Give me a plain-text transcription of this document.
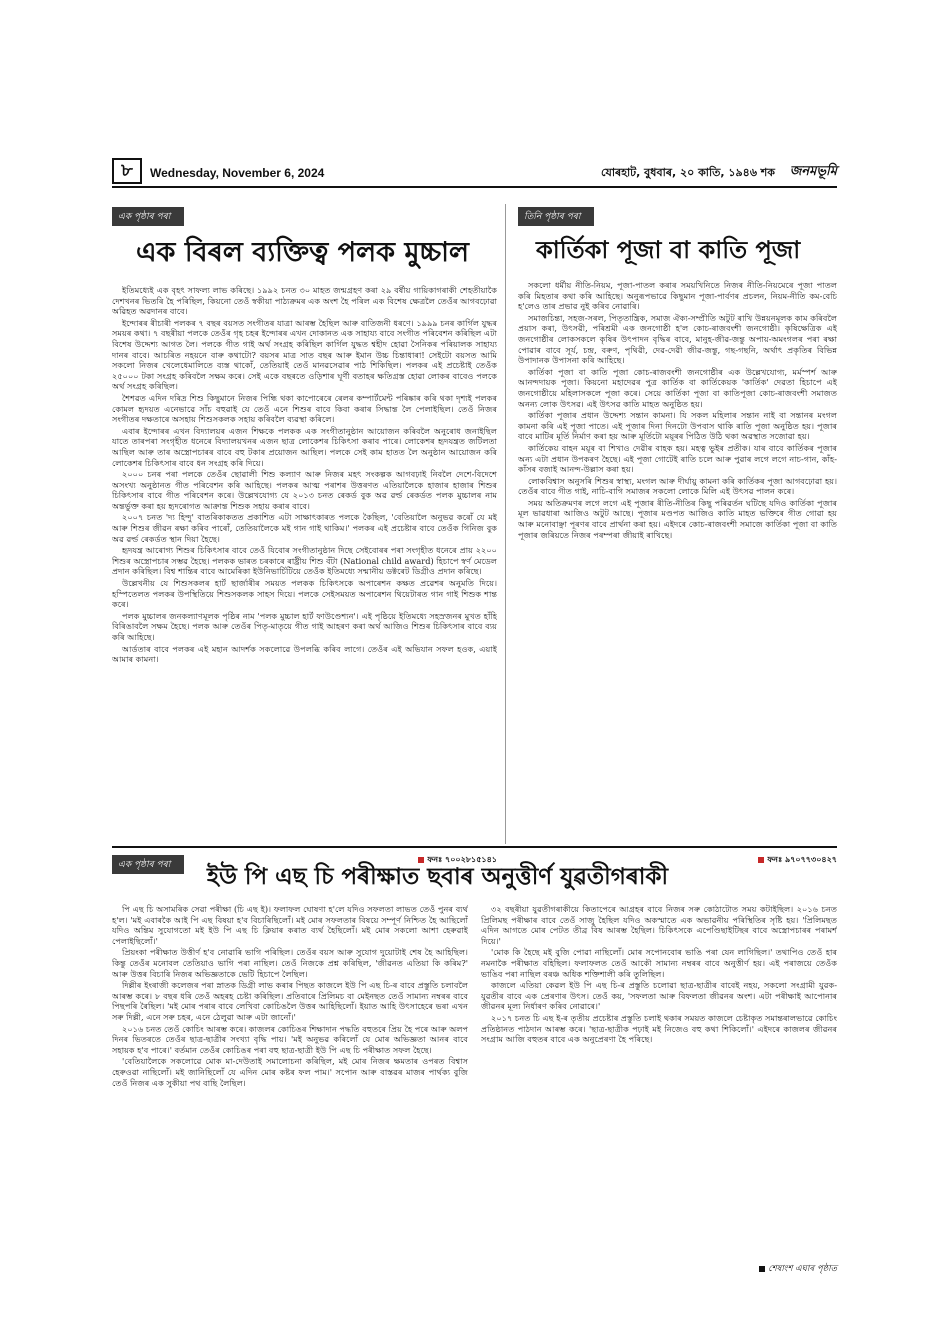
৮	Wednesday, November 6, 2024	যোৰহাট, বুধবাৰ, ২০ কাতি, ১৯৪৬ শক জনমভূমি
এক পৃষ্ঠাৰ পৰা
এক বিৰল ব্যক্তিত্ব পলক মুচ্চাল

ইতিমধ্যেই এক বৃহৎ সাফল্য লাভ কৰিছে। ১৯৯২ চনত ৩০ মাহত জন্মগ্ৰহণ কৰা ২৯ বৰ্ষীয় গায়িকাগৰাকী শেহতীয়াকৈ দেশখনৰ ভিতৰি হৈ পৰিছিল, কিয়নো তেওঁ স্বকীয়া পাঠ্যক্ৰমৰ এক অংশ হৈ পৰিল এক বিশেষ ক্ষেত্ৰলৈ তেওঁৰ আগবঢ়োৱা অৱিহত অৱদানৰ বাবে।

ইন্দোৰৰ ৰীচাৰী পলকৰ ৭ বছৰ বয়সত সংগীতৰ যাত্ৰা আৰম্ভ হৈছিল আৰু বাতিজনী ধৰণে। ১৯৯৯ চনৰ কাৰ্গিল যুদ্ধৰ সময়ৰ কথা। ৭ বছৰীয়া পলকে তেওঁৰ গৃহ চহৰ ইন্দোৰৰ এখন দোকানত এক সাহায্য বাবে সংগীত পৰিবেশন কৰিছিল এটা বিশেষ উদ্দেশ্য আগত লৈ। পলকে গীত গাই অৰ্থ সংগ্ৰহ কৰিছিল কাৰ্গিল যুদ্ধত শ্বহীদ হোৱা সৈনিকৰ পৰিয়ালক সাহায্য দানৰ বাবে। আচৰিত নহয়নে বাৰু কথাটো? বয়সৰ মাত্ৰ সাত বছৰ আৰু ইমান উচ্চ চিন্তাধাৰা! সেইটো বয়সত আমি সকলো নিজৰ খেলেধেমালিতে ব্যস্ত থাকোঁ, তেতিয়াই তেওঁ মানৱসেৱাৰ পাঠ শিকিছিল। পলকৰ এই প্ৰচেষ্টাই তেওঁক ২৫০০০ টকা সংগ্ৰহ কৰিবলৈ সক্ষম কৰে। সেই একে বছৰতে ওড়িশাৰ ঘূৰ্ণী বতাহৰ ক্ষতিগ্ৰস্ত হোৱা লোকৰ বাবেও পলকে অৰ্থ সংগ্ৰহ কৰিছিল।

শৈশৱত এদিন দৰিদ্ৰ শিশু কিছুমানে নিজৰ পিন্ধি থকা কাপোৰেৰে ৰেলৰ কম্পাৰ্টমেন্ট পৰিষ্কাৰ কৰি থকা দৃশ্যই পলকৰ কোমল হৃদয়ত এনেভাৱে সাঁচ বহুৱাই যে তেওঁ এনে শিশুৰ বাবে কিবা কৰাৰ সিদ্ধান্ত লৈ পেলাইছিল। তেওঁ নিজৰ সংগীতৰ দক্ষতাৰে অসহায় শিশুসকলক সহায় কৰিবলৈ ব্যৱস্থা কৰিলে।

এবাৰ ইন্দোৰৰ এখন বিদ্যালয়ৰ এজন শিক্ষকে পলকক এক সংগীতানুষ্ঠান আয়োজন কৰিবলৈ অনুৰোধ জনাইছিল যাতে তাৰপৰা সংগৃহীত ধনেৰে বিদ্যালয়খনৰ এজন ছাত্ৰ লোকেশৰ চিকিৎসা কৰাব পাৰে। লোকেশৰ হৃদযন্ত্ৰত জটিলতা আছিল আৰু তাৰ অস্ত্ৰোপচাৰৰ বাবে বহু টকাৰ প্ৰয়োজন আছিল। পলকে সেই কাম হাতত লৈ অনুষ্ঠান আয়োজন কৰি লোকেশৰ চিকিৎসাৰ বাবে ধন সংগ্ৰহ কৰি দিয়ে।

২০০০ চনৰ পৰা পলকে তেওঁৰ ছোৱালী শিশু কল্যাণ আৰু নিজৰ মহৎ সংকল্পক আগবঢ়াই নিবলৈ দেশে-বিদেশে অসংখ্য অনুষ্ঠানত গীত পৰিবেশন কৰি আহিছে। পলকৰ আত্ম পৰাশৰ উত্তৰণত এতিয়ালৈকে হাজাৰ হাজাৰ শিশুৰ চিকিৎসাৰ বাবে গীত পৰিবেশন কৰে। উল্লেখযোগ্য যে ২০১৩ চনত ৰেকৰ্ড বুক অৱ ৱৰ্ল্ড ৰেকৰ্ডত পলক মুচ্চালৰ নাম অন্তৰ্ভুক্ত কৰা হয় হৃদৰোগত আক্ৰান্ত শিশুক সহায় কৰাৰ বাবে।

২০০৭ চনত 'দ্য হিন্দু' বাতৰিকাকতত প্ৰকাশিত এটা সাক্ষাৎকাৰত পলকে কৈছিল, 'বেতিয়ালৈ অনুভৱ কৰোঁ যে মই আৰু শিশুৰ জীৱন ৰক্ষা কৰিব পাৰোঁ, তেতিয়ালৈকে মই গান গাই থাকিম।' পলকৰ এই প্ৰচেষ্টাৰ বাবে তেওঁক গিনিজ বুক অৱ ৱৰ্ল্ড ৰেকৰ্ডত স্থান দিয়া হৈছে।

হৃদযন্ত্ৰ আৰোগ্য শিশুৰ চিকিৎসাৰ বাবে তেওঁ যিবোৰ সংগীতানুষ্ঠান দিছে সেইবোৰৰ পৰা সংগৃহীত ধনেৰে প্ৰায় ২২০০ শিশুৰ অস্ত্ৰোপচাৰ সম্ভৱ হৈছে। পলকক ভাৰত চৰকাৰে ৰাষ্ট্ৰীয় শিশু বঁটা (National child award) হিচাপে স্বৰ্ণ মেডেল প্ৰদান কৰিছিল। বিশ্ব শান্তিৰ বাবে আমেৰিকা ইউনিভাৰ্চিটিয়ে তেওঁক ইতিমধ্যে সন্মানীয় ডক্টৰেট ডিগ্ৰীও প্ৰদান কৰিছে।

উল্লেখনীয় যে শিশুসকলৰ হাৰ্ট ছাৰ্জাৰীৰ সময়ত পলকক চিকিৎসকে অপাৰেশন কক্ষত প্ৰৱেশৰ অনুমতি দিয়ে। হস্পিতেলত পলকৰ উপস্থিতিয়ে শিশুসকলক সাহস দিয়ে। পলকে সেইসময়ত অপাৰেশন থিয়েটাৰত গান গাই শিশুক শান্ত কৰে।

পলক মুচ্চালৰ জনকল্যাণমূলক পৃষ্ঠিৰ নাম 'পলক মুচ্চাল হাৰ্ট ফাউণ্ডেশ্যন'। এই পৃষ্ঠিয়ে ইতিমধ্যে সহস্ৰজনৰ মুখত হাঁহি বিৰিঙাবলৈ সক্ষম হৈছে। পলক আৰু তেওঁৰ পিতৃ-মাতৃয়ে গীত গাই আহৰণ কৰা অৰ্থ আজিও শিশুৰ চিকিৎসাৰ বাবে ব্যয় কৰি আহিছে।

আৰ্ডতাৰ বাবে পলকৰ এই মহান আদৰ্শক সকলোৱে উপলব্ধি কৰিব লাগে। তেওঁৰ এই অভিযান সফল হওক, এয়াই আমাৰ কামনা।

ফনঃ ৭০০২৮১৫১৪১
তিনি পৃষ্ঠাৰ পৰা
কাৰ্তিকা পূজা বা কাতি পূজা

সকলো ধৰ্মীয় নীতি-নিয়ম, পূজা-পাতল কৰাৰ সময়খিনিতে নিজৰ নীতি-নিয়মেৰে পূজা পাতল কৰি মিহতাৰ কথা কৰি আহিছে। অনুৰূপভাৱে কিছুমান পূজা-পাৰ্বণৰ প্ৰচলন, নিয়ম-নীতি কম-বেচি হ'লেও তাৰ প্ৰভাৱ নুই কৰিব নোৱাৰি।

সমাজচিন্তা, সহজ-সৰল, পিতৃতান্ত্ৰিক, সমাজ ঐক্য-সম্প্ৰীতি অটুট ৰাখি উন্নয়নমূলক কাম কৰিবলৈ প্ৰয়াস কৰা, উৎসৱী, পৰিশ্ৰমী এক জনগোষ্ঠী হ'ল কোচ-ৰাজবংশী জনগোষ্ঠী। কৃষিক্ষেত্ৰিক এই জনগোষ্ঠীৰ লোকসকলে কৃষিৰ উৎপাদন বৃদ্ধিৰ বাবে, মানুহ-জীৱ-জন্তু অপায়-অমংগলৰ পৰা ৰক্ষা পোৱাৰ বাবে সূৰ্য, চন্দ্ৰ, বৰুণ, পৃথিৱী, দেৱ-দেৱী জীৱ-জন্তু, গছ-গছনি, অৰ্থাৎ প্ৰকৃতিৰ বিভিন্ন উপাদানক উপাসনা কৰি আহিছে।

কাৰ্তিকা পূজা বা কাতি পূজা কোচ-ৰাজবংশী জনগোষ্ঠীৰ এক উল্লেখযোগ্য, মৰ্মস্পৰ্শ আৰু আনন্দদায়ক পূজা। কিয়নো মহাদেৱৰ পুত্ৰ কাৰ্তিক বা কাৰ্তিকেয়ক 'কাৰ্তিক' দেৱতা হিচাপে এই জনগোষ্ঠীয়ে মহিলাসকলে পূজা কৰে। সেয়ে কাৰ্তিকা পূজা বা কাতিপূজা কোচ-ৰাজবংশী সমাজত অনন্য লোক উৎসৱ। এই উৎসৱ কাতি মাহত অনুষ্ঠিত হয়।

কাৰ্তিকা পূজাৰ প্ৰধান উদ্দেশ্য সন্তান কামনা। যি সকল মহিলাৰ সন্তান নাই বা সন্তানৰ মংগল কামনা কৰি এই পূজা পাতে। এই পূজাৰ দিনা দিনটো উপবাস থাকি ৰাতি পূজা অনুষ্ঠিত হয়। পূজাৰ বাবে মাটিৰ মূৰ্তি নিৰ্মাণ কৰা হয় আৰু মূৰ্তিটো ময়ূৰৰ পিঠিত উঠি থকা অৱস্থাত সজোৱা হয়।

কাৰ্তিকেয় বাহন ময়ূৰ বা শিখাও দেৱীৰ বাহক হয়। মহত্ব ভুইৰ প্ৰতীক। যাৰ বাবে কাৰ্তিকৰ পূজাৰ অন্য এটা প্ৰধান উপকৰণ হৈছে। এই পূজা গোটেই ৰাতি চলে আৰু পুৱাৰ লগে লগে নাচ-গান, কাঁহ-কাঁসৰ বজাই আনন্দ-উল্লাস কৰা হয়।

লোকবিশ্বাস অনুসৰি শিশুৰ স্বাস্থ্য, মংগল আৰু দীৰ্ঘায়ু কামনা কৰি কাৰ্তিকৰ পূজা আগবঢ়োৱা হয়। তেওঁৰ বাবে গীত গাই, নাচি-বাগি সমাজৰ সকলো লোকে মিলি এই উৎসৱ পালন কৰে।

সময় অতিক্ৰমণৰ লগে লগে এই পূজাৰ ৰীতি-নীতিৰ কিছু পৰিৱৰ্তন ঘটিছে যদিও কাৰ্তিকা পূজাৰ মূল ভাৱধাৰা আজিও অটুট আছে। পূজাৰ মণ্ডপত আজিও কাতি মাহত ভক্তিৰে গীত গোৱা হয় আৰু মনোবাঞ্ছা পূৰণৰ বাবে প্ৰাৰ্থনা কৰা হয়। এইদৰে কোচ-ৰাজবংশী সমাজে কাৰ্তিকা পূজা বা কাতি পূজাৰ জৰিয়তে নিজৰ পৰম্পৰা জীয়াই ৰাখিছে।

ফনঃ ৯৭০৭৭৩০৪২৭
এক পৃষ্ঠাৰ পৰা ইউ পি এছ চি পৰীক্ষাত ছবাৰ অনুত্তীৰ্ণ যুৱতীগৰাকী

পি এছ চি অসামৰিক সেৱা পৰীক্ষা (চি এছ ই)। ফলাফল ঘোষণা হ'লে যদিও সফলতা লাভত তেওঁ পুনৰ ব্যৰ্থ হ'ল। 'মই এবাৰকৈ আই পি এছ বিষয়া হ'ব বিচাৰিছিলোঁ। মই মোৰ সফলতাৰ বিষয়ে সম্পূৰ্ণ নিশ্চিত হৈ আছিলোঁ যদিও অন্তিম সুযোগতো মই ইউ পি এছ চি ক্লিয়াৰ কৰাত ব্যৰ্থ হৈছিলোঁ। মই মোৰ সকলো আশা হেৰুৱাই পেলাইছিলোঁ।'

প্ৰিয়ংকা পৰীক্ষাত উত্তীৰ্ণ হ'ব নোৱাৰি ভাগি পৰিছিল। তেওঁৰ বয়স আৰু সুযোগ দুয়োটাই শেষ হৈ আহিছিল। কিন্তু তেওঁৰ মনোবল তেতিয়াও ভাগি পৰা নাছিল। তেওঁ নিজকে প্ৰশ্ন কৰিছিল, 'জীৱনত এতিয়া কি কৰিম?' আৰু উত্তৰ বিচাৰি নিজৰ অভিজ্ঞতাকে ভেটি হিচাপে লৈছিল।

দিল্লীৰ ইংৰাজী কলেজৰ পৰা স্নাতক ডিগ্ৰী লাভ কৰাৰ পিছত কাজলে ইউ পি এছ চি-ৰ বাবে প্ৰস্তুতি চলাবলৈ আৰম্ভ কৰে। ৮ বছৰ ধৰি তেওঁ অহৰহ চেষ্টা কৰিছিল। প্ৰতিবাৰে প্ৰিলিমচ বা মেইনছত তেওঁ সামান্য নম্বৰৰ বাবে পিছপৰি ৰৈছিল। 'মই মোৰ পৰাৰ বাবে লেখিবা কোচিঙলৈ উত্তৰ আহিছিলোঁ। ইয়াত আহি উৎসাহেৰে ভৰা এখন সৰু দিল্লী, এনে সৰু চহৰ, এনে ঠেলুৱা আৰু এটা জানোঁ।'

২০১৬ চনত তেওঁ কোচিং আৰম্ভ কৰে। কাজলৰ কোচিঙৰ শিক্ষাদান পদ্ধতি বহুতৰে প্ৰিয় হৈ পৰে আৰু অলপ দিনৰ ভিতৰতে তেওঁৰ ছাত্ৰ-ছাত্ৰীৰ সংখ্যা বৃদ্ধি পায়। 'মই অনুভৱ কৰিলোঁ যে মোৰ অভিজ্ঞতা আনৰ বাবে সহায়ক হ'ব পাৰে।' বৰ্তমান তেওঁৰ কোচিঙৰ পৰা বহু ছাত্ৰ-ছাত্ৰী ইউ পি এছ চি পৰীক্ষাত সফল হৈছে।

'বেতিয়ালৈকে সকলোৱে মোক মা-দেউতাই সমালোচনা কৰিছিল, মই মোৰ নিজৰ ক্ষমতাৰ ওপৰত বিশ্বাস হেৰুওৱা নাছিলোঁ। মই জানিছিলোঁ যে এদিন মোৰ কষ্টৰ ফল পাম।' সপোন আৰু বাস্তৱৰ মাজৰ পাৰ্থক্য বুজি তেওঁ নিজৰ এক সুকীয়া পথ বাছি লৈছিল।

৩২ বছৰীয়া যুৱতীগৰাকীয়ে কিতাপেৰে আগ্ৰহৰ বাবে নিজৰ সৰু কোঠাটোত সময় কটাইছিল। ২০১৬ চনত প্ৰিলিমছ পৰীক্ষাৰ বাবে তেওঁ সাজু হৈছিল যদিও অকস্মাতে এক অভাৱনীয় পৰিস্থিতিৰ সৃষ্টি হয়। 'প্ৰিলিমছত এদিন আগতে মোৰ পেটত তীব্ৰ বিষ আৰম্ভ হৈছিল। চিকিৎসকে এপেণ্ডিছাইটিছৰ বাবে অস্ত্ৰোপচাৰৰ পৰামৰ্শ দিয়ে।'

'মোক কি হৈছে মই বুজি পোৱা নাছিলোঁ। মোৰ সপোনবোৰ ভাঙি পৰা যেন লাগিছিল।' তথাপিও তেওঁ হাৰ নমনাকৈ পৰীক্ষাত বহিছিল। ফলাফলত তেওঁ আকৌ সামান্য নম্বৰৰ বাবে অনুত্তীৰ্ণ হয়। এই পৰাজয়ে তেওঁক ভাঙিব পৰা নাছিল বৰঞ্চ অধিক শক্তিশালী কৰি তুলিছিল।

কাজলে এতিয়া কেৱল ইউ পি এছ চি-ৰ প্ৰস্তুতি চলোৱা ছাত্ৰ-ছাত্ৰীৰ বাবেই নহয়, সকলো সংগ্ৰামী যুৱক-যুৱতীৰ বাবে এক প্ৰেৰণাৰ উৎস। তেওঁ কয়, 'সফলতা আৰু বিফলতা জীৱনৰ অংশ। এটা পৰীক্ষাই আপোনাৰ জীৱনৰ মূল্য নিৰ্ধাৰণ কৰিব নোৱাৰে।'

২০১৭ চনত চি এছ ই-ৰ তৃতীয় প্ৰচেষ্টাৰ প্ৰস্তুতি চলাই থকাৰ সময়ত কাজলে চেষ্টাকৃত সমান্তৰালভাৱে কোচিং প্ৰতিষ্ঠানত পাঠদান আৰম্ভ কৰে। 'ছাত্ৰ-ছাত্ৰীক পঢ়াই মই নিজেও বহু কথা শিকিলোঁ।' এইদৰে কাজলৰ জীৱনৰ সংগ্ৰাম আজি বহুতৰ বাবে এক অনুপ্ৰেৰণা হৈ পৰিছে।

শেষাংশ এঘাৰ পৃষ্ঠাত
